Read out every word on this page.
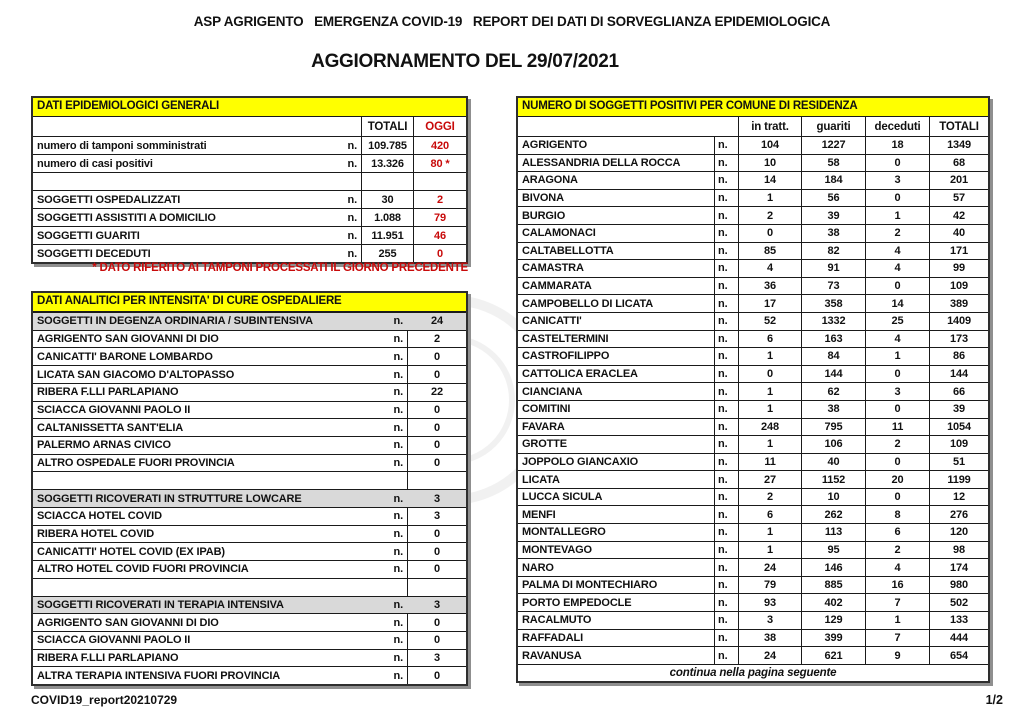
ASP AGRIGENTO   EMERGENZA COVID-19   REPORT DEI DATI DI SORVEGLIANZA EPIDEMIOLOGICA
AGGIORNAMENTO DEL 29/07/2021
DATI EPIDEMIOLOGICI GENERALI
TOTALI	OGGI
numero di tamponi somministrati	n.	109.785	420
numero di casi positivi	n.	13.326	80 *
SOGGETTI OSPEDALIZZATI	n.	30	2
SOGGETTI ASSISTITI A DOMICILIO	n.	1.088	79
SOGGETTI GUARITI	n.	11.951	46
SOGGETTI DECEDUTI	n.	255	0
* DATO RIFERITO AI TAMPONI PROCESSATI IL GIORNO PRECEDENTE
DATI ANALITICI PER INTENSITA' DI CURE OSPEDALIERE
SOGGETTI IN DEGENZA ORDINARIA / SUBINTENSIVA	n.	24
AGRIGENTO SAN GIOVANNI DI DIO	n.	2
CANICATTI' BARONE LOMBARDO	n.	0
LICATA SAN GIACOMO D'ALTOPASSO	n.	0
RIBERA F.LLI PARLAPIANO	n.	22
SCIACCA GIOVANNI PAOLO II	n.	0
CALTANISSETTA SANT'ELIA	n.	0
PALERMO ARNAS CIVICO	n.	0
ALTRO OSPEDALE FUORI PROVINCIA	n.	0
SOGGETTI RICOVERATI IN STRUTTURE LOWCARE	n.	3
SCIACCA HOTEL COVID	n.	3
RIBERA HOTEL COVID	n.	0
CANICATTI' HOTEL COVID (EX IPAB)	n.	0
ALTRO HOTEL COVID FUORI PROVINCIA	n.	0
SOGGETTI RICOVERATI IN TERAPIA INTENSIVA	n.	3
AGRIGENTO SAN GIOVANNI DI DIO	n.	0
SCIACCA GIOVANNI PAOLO II	n.	0
RIBERA F.LLI PARLAPIANO	n.	3
ALTRA TERAPIA INTENSIVA FUORI PROVINCIA	n.	0
NUMERO DI SOGGETTI POSITIVI PER COMUNE DI RESIDENZA
in tratt.	guariti	deceduti	TOTALI
AGRIGENTO	n.	104	1227	18	1349
ALESSANDRIA DELLA ROCCA	n.	10	58	0	68
ARAGONA	n.	14	184	3	201
BIVONA	n.	1	56	0	57
BURGIO	n.	2	39	1	42
CALAMONACI	n.	0	38	2	40
CALTABELLOTTA	n.	85	82	4	171
CAMASTRA	n.	4	91	4	99
CAMMARATA	n.	36	73	0	109
CAMPOBELLO DI LICATA	n.	17	358	14	389
CANICATTI'	n.	52	1332	25	1409
CASTELTERMINI	n.	6	163	4	173
CASTROFILIPPO	n.	1	84	1	86
CATTOLICA ERACLEA	n.	0	144	0	144
CIANCIANA	n.	1	62	3	66
COMITINI	n.	1	38	0	39
FAVARA	n.	248	795	11	1054
GROTTE	n.	1	106	2	109
JOPPOLO GIANCAXIO	n.	11	40	0	51
LICATA	n.	27	1152	20	1199
LUCCA SICULA	n.	2	10	0	12
MENFI	n.	6	262	8	276
MONTALLEGRO	n.	1	113	6	120
MONTEVAGO	n.	1	95	2	98
NARO	n.	24	146	4	174
PALMA DI MONTECHIARO	n.	79	885	16	980
PORTO EMPEDOCLE	n.	93	402	7	502
RACALMUTO	n.	3	129	1	133
RAFFADALI	n.	38	399	7	444
RAVANUSA	n.	24	621	9	654
continua nella pagina seguente
COVID19_report20210729	1/2
